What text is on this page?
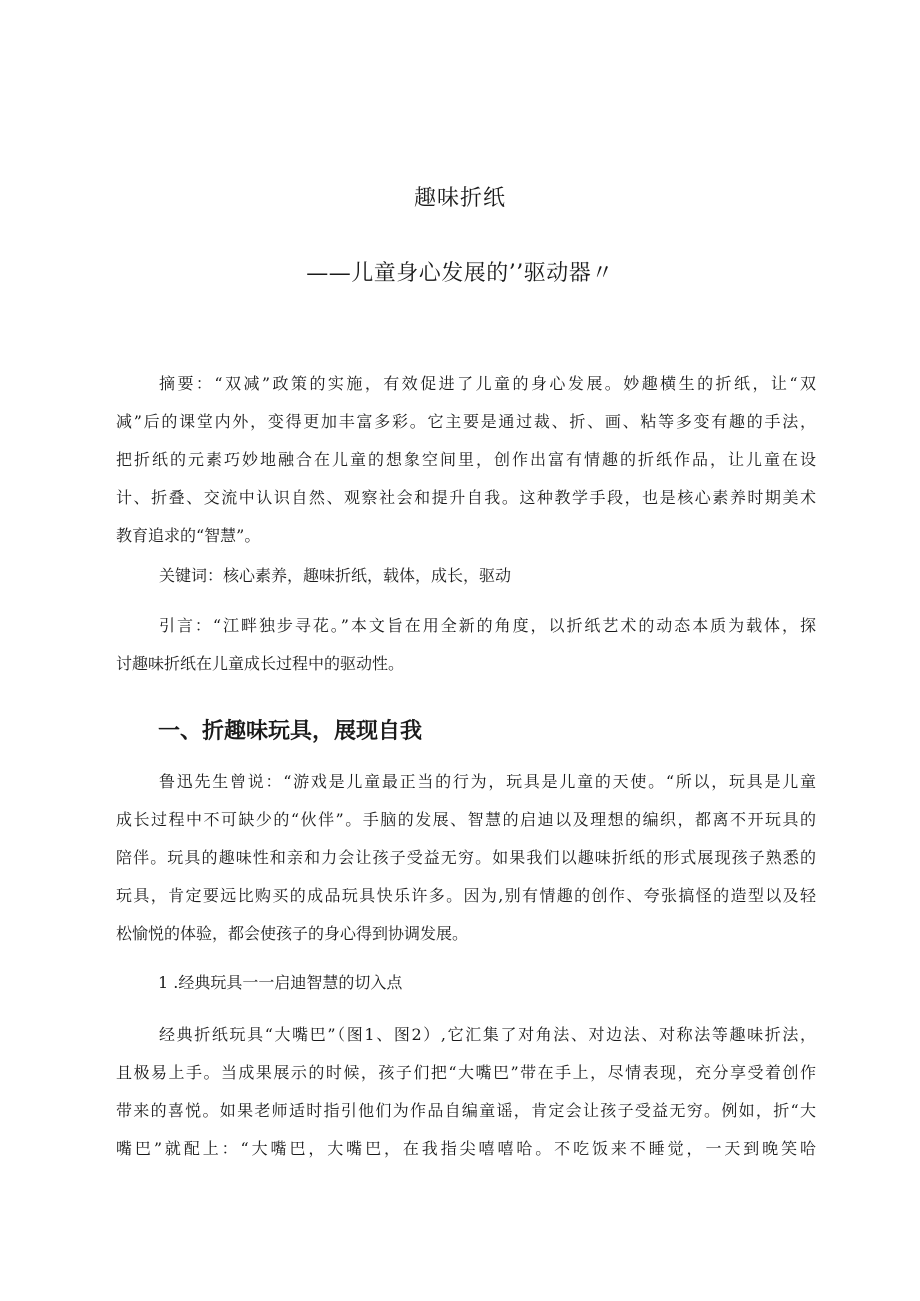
趣味折纸
——儿童身心发展的’’驱动器〃
摘要：“双减”政策的实施，有效促进了儿童的身心发展。妙趣横生的折纸，让“双
减”后的课堂内外，变得更加丰富多彩。它主要是通过裁、折、画、粘等多变有趣的手法，
把折纸的元素巧妙地融合在儿童的想象空间里，创作出富有情趣的折纸作品，让儿童在设
计、折叠、交流中认识自然、观察社会和提升自我。这种教学手段，也是核心素养时期美术
教育追求的“智慧”。
关键词：核心素养，趣味折纸，载体，成长，驱动
引言：“江畔独步寻花。”本文旨在用全新的角度，以折纸艺术的动态本质为载体，探
讨趣味折纸在儿童成长过程中的驱动性。
一、折趣味玩具，展现自我
鲁迅先生曾说：“游戏是儿童最正当的行为，玩具是儿童的天使。“所以，玩具是儿童
成长过程中不可缺少的“伙伴”。手脑的发展、智慧的启迪以及理想的编织，都离不开玩具的
陪伴。玩具的趣味性和亲和力会让孩子受益无穷。如果我们以趣味折纸的形式展现孩子熟悉的
玩具，肯定要远比购买的成品玩具快乐许多。因为,别有情趣的创作、夸张搞怪的造型以及轻
松愉悦的体验，都会使孩子的身心得到协调发展。
1 .经典玩具一一启迪智慧的切入点
经典折纸玩具“大嘴巴”（图1、图2）,它汇集了对角法、对边法、对称法等趣味折法，
且极易上手。当成果展示的时候，孩子们把“大嘴巴”带在手上，尽情表现，充分享受着创作
带来的喜悦。如果老师适时指引他们为作品自编童谣，肯定会让孩子受益无穷。例如，折“大
嘴巴”就配上：“大嘴巴，大嘴巴，在我指尖嘻嘻哈。不吃饭来不睡觉，一天到晚笑哈
